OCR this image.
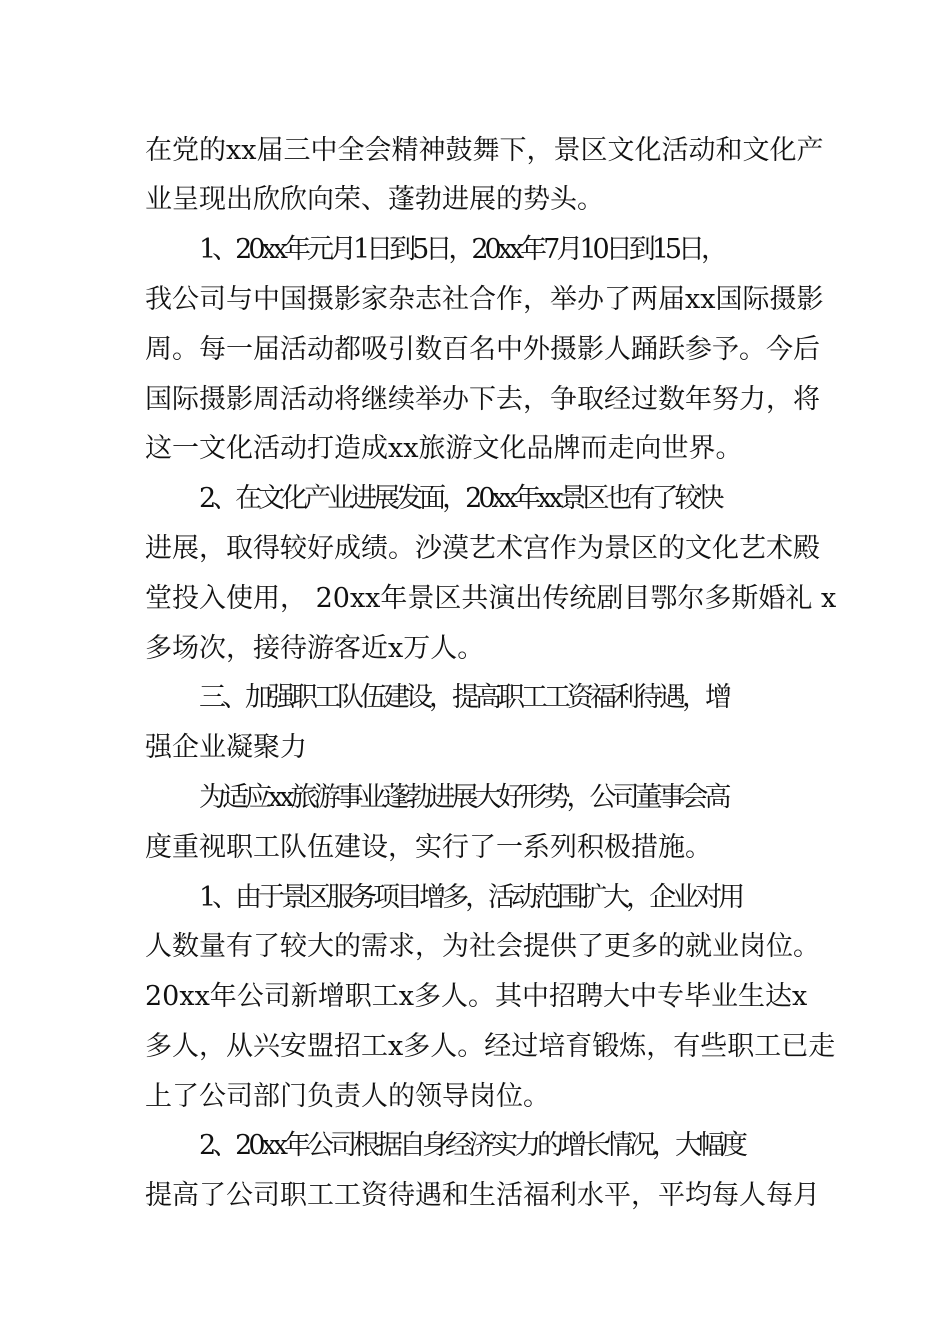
在党的xx届三中全会精神鼓舞下，景区文化活动和文化产
业呈现出欣欣向荣、蓬勃进展的势头。
1、20xx年元月1日到5日，20xx年7月10日到15日，
我公司与中国摄影家杂志社合作，举办了两届xx国际摄影
周。每一届活动都吸引数百名中外摄影人踊跃参予。今后
国际摄影周活动将继续举办下去，争取经过数年努力，将
这一文化活动打造成xx旅游文化品牌而走向世界。
2、在文化产业进展发面，20xx年xx景区也有了较快
进展，取得较好成绩。沙漠艺术宫作为景区的文化艺术殿
堂投入使用， 20xx年景区共演出传统剧目鄂尔多斯婚礼 x
多场次，接待游客近x万人。
三、加强职工队伍建设，提高职工工资福利待遇，增
强企业凝聚力
为适应xx旅游事业蓬勃进展大好形势，公司董事会高
度重视职工队伍建设，实行了一系列积极措施。
1、由于景区服务项目增多，活动范围扩大，企业对用
人数量有了较大的需求，为社会提供了更多的就业岗位。
20xx年公司新增职工x多人。其中招聘大中专毕业生达x
多人，从兴安盟招工x多人。经过培育锻炼，有些职工已走
上了公司部门负责人的领导岗位。
2、20xx年公司根据自身经济实力的增长情况，大幅度
提高了公司职工工资待遇和生活福利水平，平均每人每月
